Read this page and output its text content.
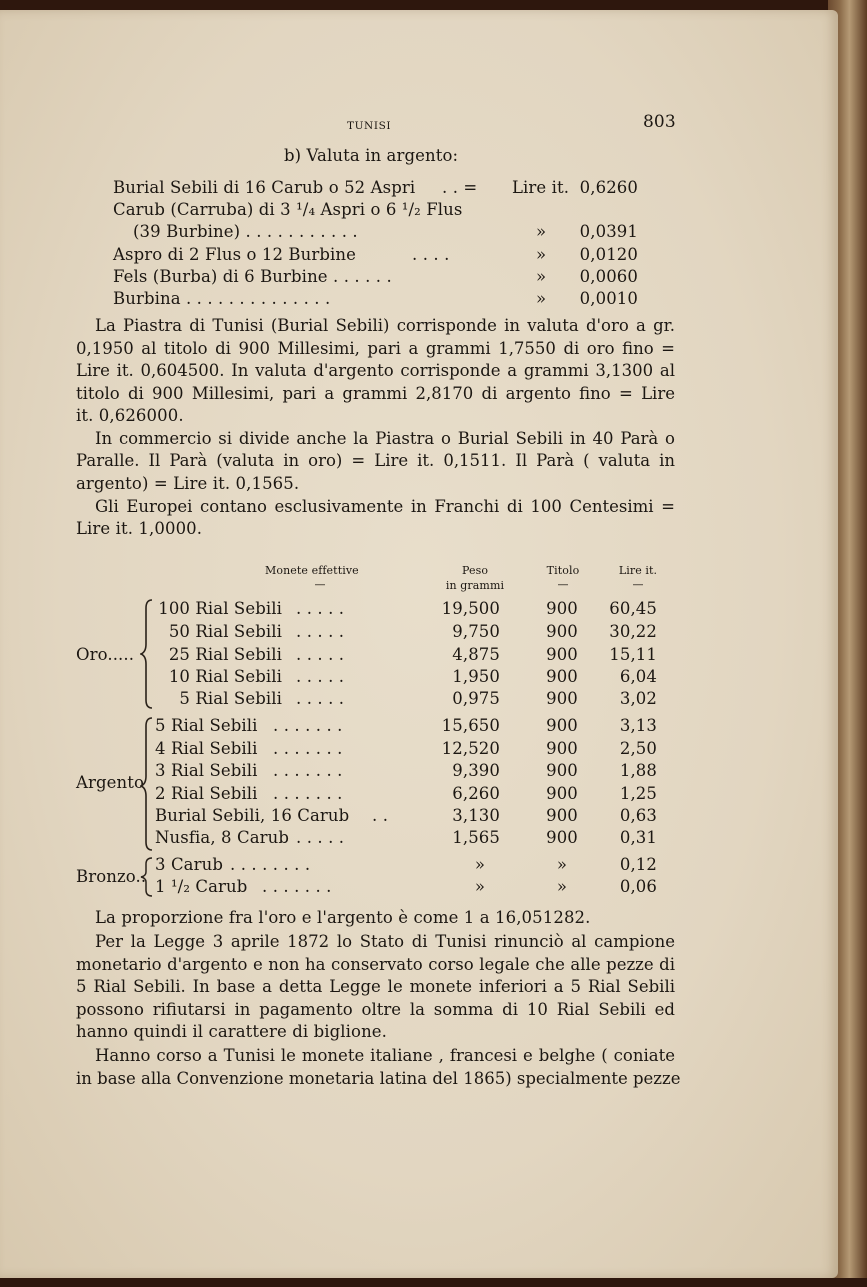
TUNISI	803
b) Valuta in argento:
Burial Sebili di 16 Carub o 52 Aspri . . = Lire it. 0,6260
Carub (Carruba) di 3 ¹/₄ Aspri o 6 ¹/₂ Flus
(39 Burbine) . . . . . . . . . . .	»	0,0391
Aspro di 2 Flus o 12 Burbine	. . . .	»	0,0120
Fels (Burba) di 6 Burbine . . . . . .	»	0,0060
Burbina . . . . . . . . . . . . . .	»	0,0010
La Piastra di Tunisi (Burial Sebili) corrisponde in valuta d'oro a gr.
0,1950 al titolo di 900 Millesimi, pari a grammi 1,7550 di oro fino =
Lire it. 0,604500. In valuta d'argento corrisponde a grammi 3,1300 al
titolo di 900 Millesimi, pari a grammi 2,8170 di argento fino = Lire
it. 0,626000.
In commercio si divide anche la Piastra o Burial Sebili in 40 Parà o
Paralle. Il Parà (valuta in oro) = Lire it. 0,1511. Il Parà ( valuta in
argento) = Lire it. 0,1565.
Gli Europei contano esclusivamente in Franchi di 100 Centesimi =
Lire it. 1,0000.
Monete effettive
—
Peso
in grammi
Titolo
—
Lire it.
—
Oro.....
100 Rial Sebili . . . . .	19,500	900	60,45
50 Rial Sebili . . . . .	9,750	900	30,22
25 Rial Sebili . . . . .	4,875	900	15,11
10 Rial Sebili . . . . .	1,950	900	6,04
5 Rial Sebili . . . . .	0,975	900	3,02
Argento
5 Rial Sebili . . . . . . .	15,650	900	3,13
4 Rial Sebili . . . . . . .	12,520	900	2,50
3 Rial Sebili . . . . . . .	9,390	900	1,88
2 Rial Sebili . . . . . . .	6,260	900	1,25
Burial Sebili, 16 Carub . .	3,130	900	0,63
Nusfia, 8 Carub . . . . .	1,565	900	0,31
Bronzo..
3 Carub . . . . . . . .	»	»	0,12
1 ¹/₂ Carub . . . . . . .	»	»	0,06
La proporzione fra l'oro e l'argento è come 1 a 16,051282.
Per la Legge 3 aprile 1872 lo Stato di Tunisi rinunciò al campione
monetario d'argento e non ha conservato corso legale che alle pezze di
5 Rial Sebili. In base a detta Legge le monete inferiori a 5 Rial Sebili
possono rifiutarsi in pagamento oltre la somma di 10 Rial Sebili ed
hanno quindi il carattere di biglione.
Hanno corso a Tunisi le monete italiane , francesi e belghe ( coniate
in base alla Convenzione monetaria latina del 1865) specialmente pezze
